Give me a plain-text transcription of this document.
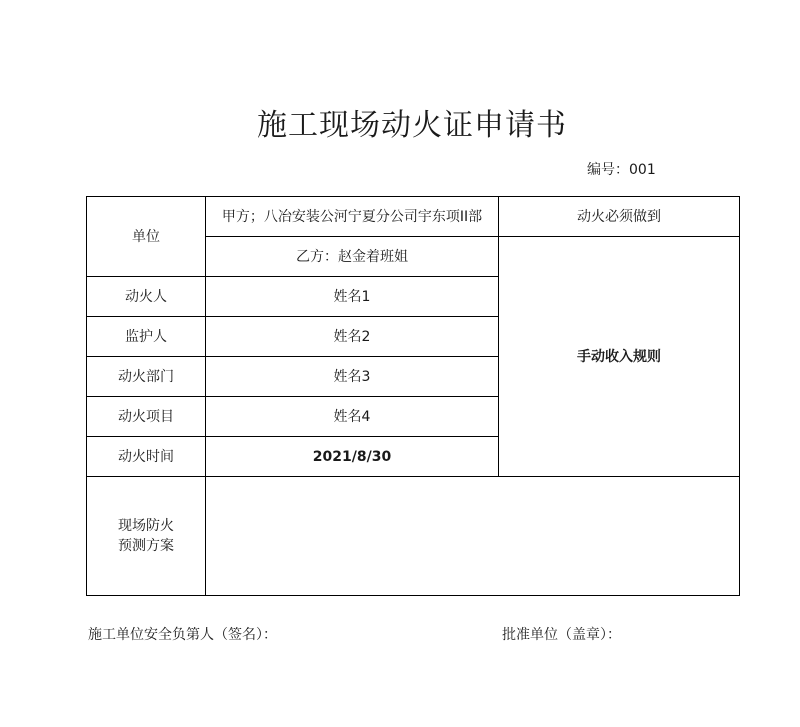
施工现场动火证申请书
编号：001
单位	甲方；八冶安装公河宁夏分公司宇东项II部	动火必须做到
	乙方：赵金着班姐	手动收入规则
动火人	姓名1	
监护人	姓名2	
动火部门	姓名3	
动火项目	姓名4	
动火时间	2021/8/30	

现场防火
预测方案		

施工单位安全负第人（签名）：	批准单位（盖章）：
